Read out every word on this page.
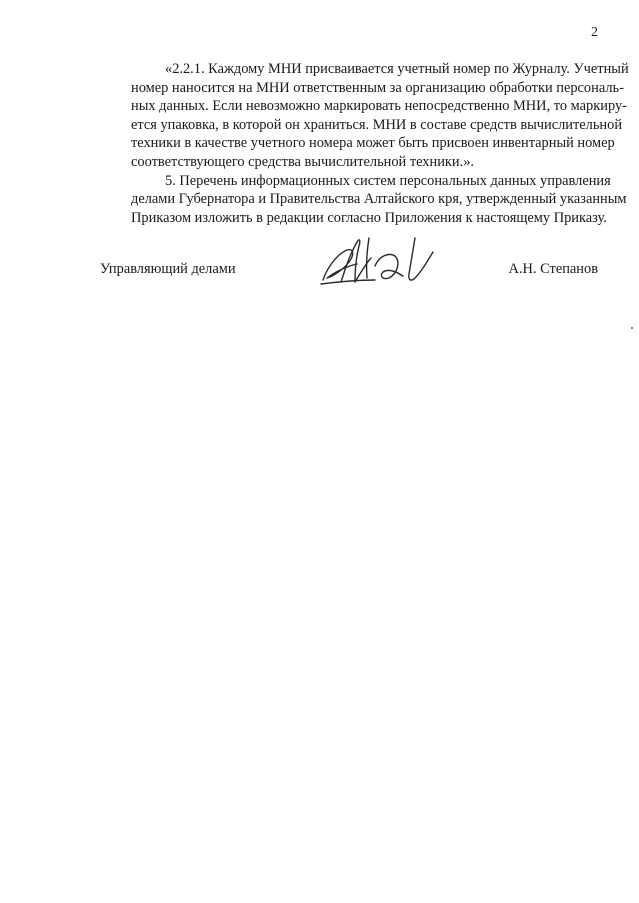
2
«2.2.1. Каждому МНИ присваивается учетный номер по Журналу. Учетный
номер наносится на МНИ ответственным за организацию обработки персональ-
ных данных. Если невозможно маркировать непосредственно МНИ, то маркиру-
ется упаковка, в которой он храниться. МНИ в составе средств вычислительной
техники в качестве учетного номера может быть присвоен инвентарный номер
соответствующего средства вычислительной техники.».
5. Перечень информационных систем персональных данных управления
делами Губернатора и Правительства Алтайского кря, утвержденный указанным
Приказом изложить в редакции согласно Приложения к настоящему Приказу.
Управляющий делами	А.Н. Степанов
